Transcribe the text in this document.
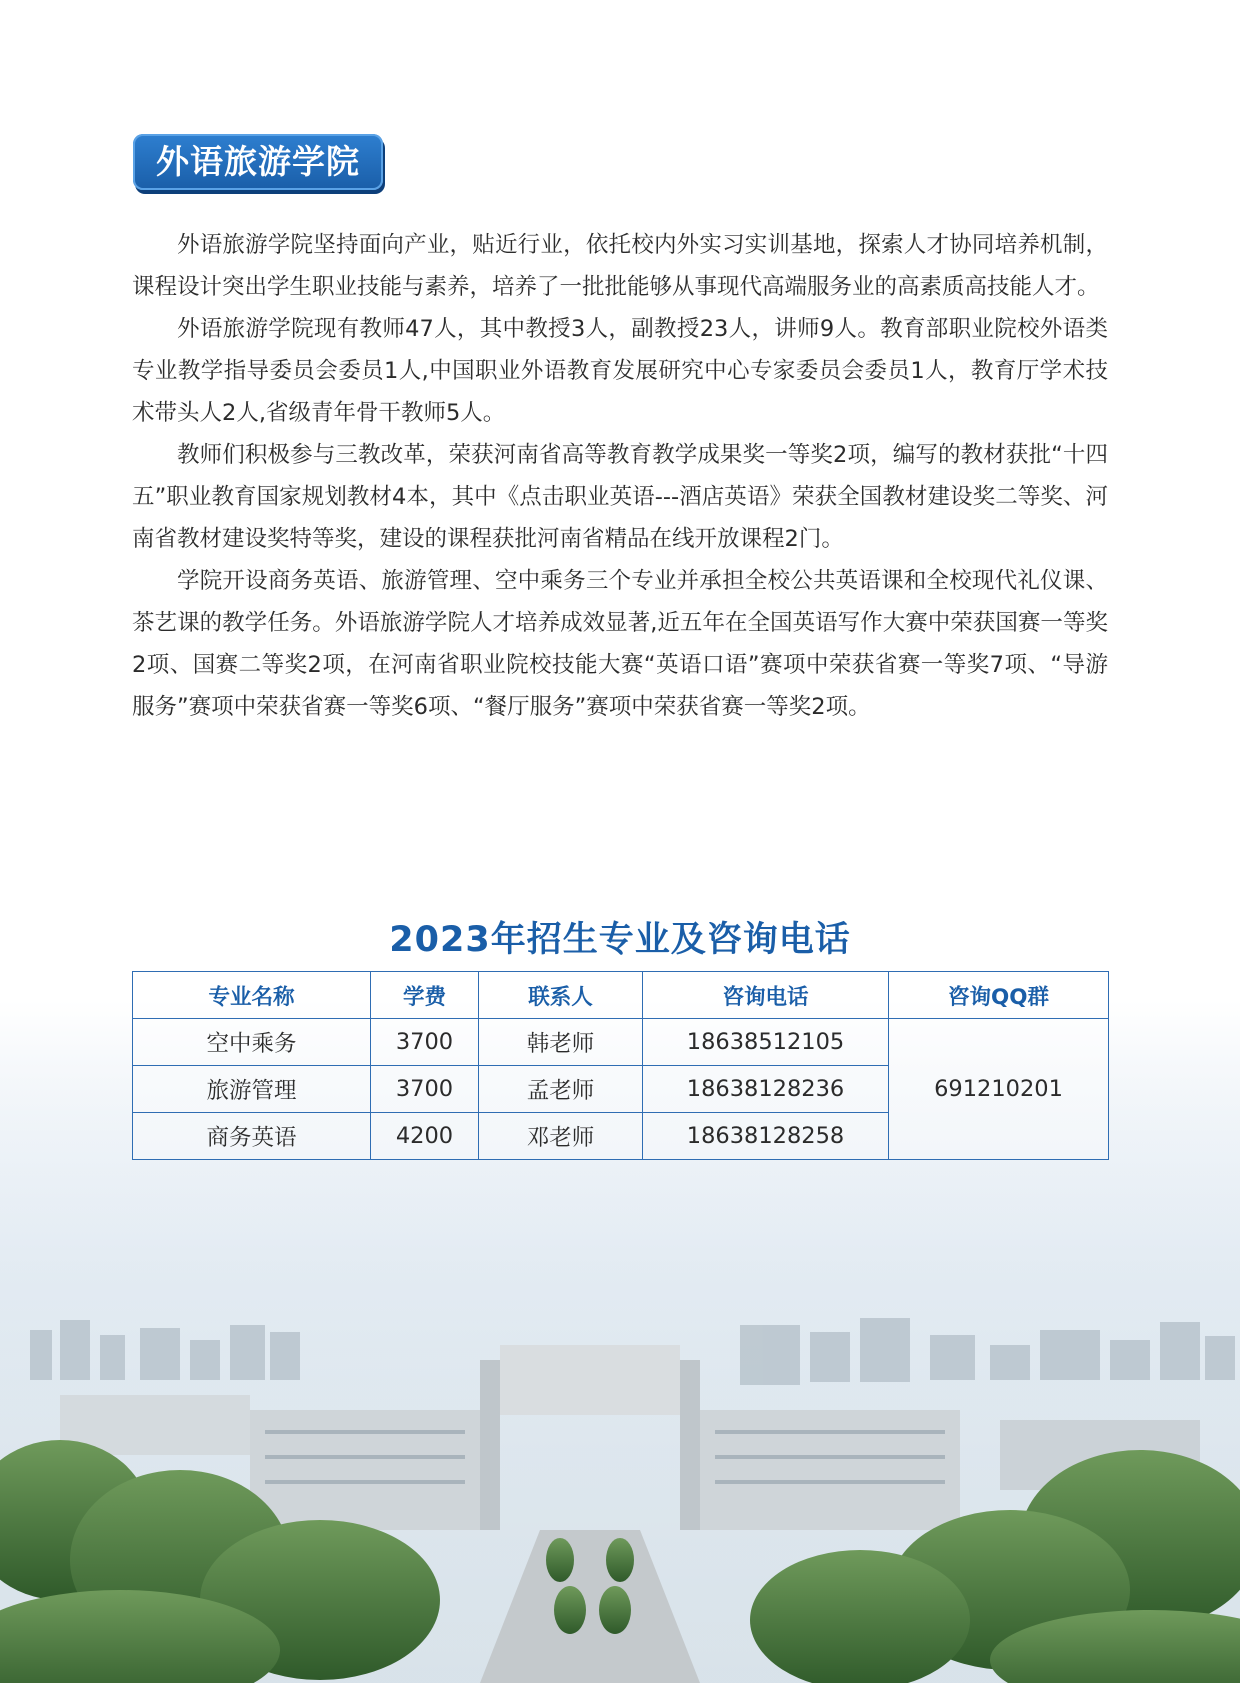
外语旅游学院

外语旅游学院坚持面向产业，贴近行业，依托校内外实习实训基地，探索人才协同培养机制，课程设计突出学生职业技能与素养，培养了一批批能够从事现代高端服务业的高素质高技能人才。

外语旅游学院现有教师47人，其中教授3人，副教授23人，讲师9人。教育部职业院校外语类专业教学指导委员会委员1人,中国职业外语教育发展研究中心专家委员会委员1人，教育厅学术技术带头人2人,省级青年骨干教师5人。

教师们积极参与三教改革，荣获河南省高等教育教学成果奖一等奖2项，编写的教材获批“十四五”职业教育国家规划教材4本，其中《点击职业英语---酒店英语》荣获全国教材建设奖二等奖、河南省教材建设奖特等奖，建设的课程获批河南省精品在线开放课程2门。

学院开设商务英语、旅游管理、空中乘务三个专业并承担全校公共英语课和全校现代礼仪课、茶艺课的教学任务。外语旅游学院人才培养成效显著,近五年在全国英语写作大赛中荣获国赛一等奖2项、国赛二等奖2项，在河南省职业院校技能大赛“英语口语”赛项中荣获省赛一等奖7项、“导游服务”赛项中荣获省赛一等奖6项、“餐厅服务”赛项中荣获省赛一等奖2项。

2023年招生专业及咨询电话
专业名称	学费	联系人	咨询电话	咨询QQ群
空中乘务	3700	韩老师	18638512105	691210201
旅游管理	3700	孟老师	18638128236	
商务英语	4200	邓老师	18638128258	
